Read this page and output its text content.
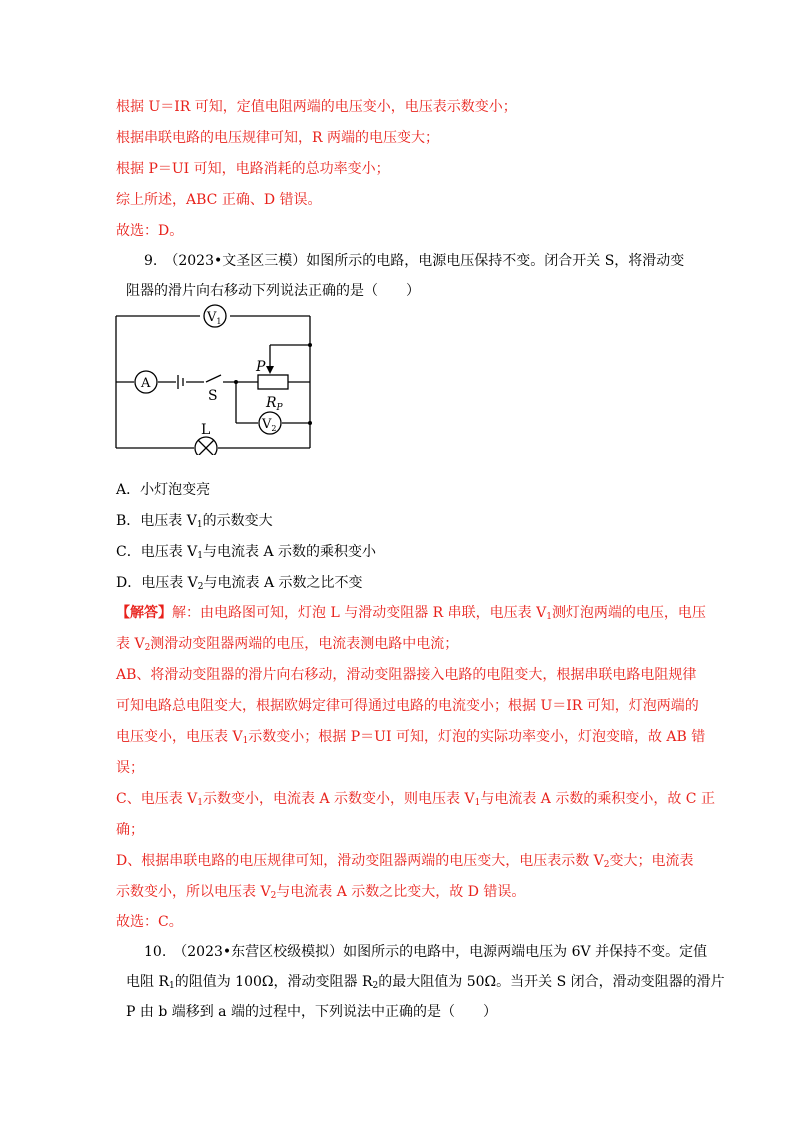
根据 U＝IR 可知，定值电阻两端的电压变小，电压表示数变小；
根据串联电路的电压规律可知，R 两端的电压变大；
根据 P＝UI 可知，电路消耗的总功率变小；
综上所述，ABC 正确、D 错误。
故选：D。
9.　（2023•文圣区三模）如图所示的电路，电源电压保持不变。闭合开关 S，将滑动变
阻器的滑片向右移动下列说法正确的是（　　）
$V_1$
A
$V_2$
S
P
$R_P$
L
A．小灯泡变亮
B．电压表 $V_1$的示数变大
C．电压表 $V_1$与电流表 A 示数的乘积变小
D．电压表 $V_2$与电流表 A 示数之比不变
【解答】解：由电路图可知，灯泡 L 与滑动变阻器 R 串联，电压表 $V_1$测灯泡两端的电压，电压
表 $V_2$测滑动变阻器两端的电压，电流表测电路中电流；
AB、将滑动变阻器的滑片向右移动，滑动变阻器接入电路的电阻变大，根据串联电路电阻规律
可知电路总电阻变大，根据欧姆定律可得通过电路的电流变小；根据 U＝IR 可知，灯泡两端的
电压变小，电压表 $V_1$示数变小；根据 P＝UI 可知，灯泡的实际功率变小，灯泡变暗，故 AB 错
误；
C、电压表 $V_1$示数变小，电流表 A 示数变小，则电压表 $V_1$与电流表 A 示数的乘积变小，故 C 正
确；
D、根据串联电路的电压规律可知，滑动变阻器两端的电压变大，电压表示数 $V_2$变大；电流表
示数变小，所以电压表 $V_2$与电流表 A 示数之比变大，故 D 错误。
故选：C。
10.　（2023•东营区校级模拟）如图所示的电路中，电源两端电压为 6V 并保持不变。定值
电阻 $R_1$的阻值为 100Ω，滑动变阻器 $R_2$的最大阻值为 50Ω。当开关 S 闭合，滑动变阻器的滑片
P 由 b 端移到 a 端的过程中，下列说法中正确的是（　　）
